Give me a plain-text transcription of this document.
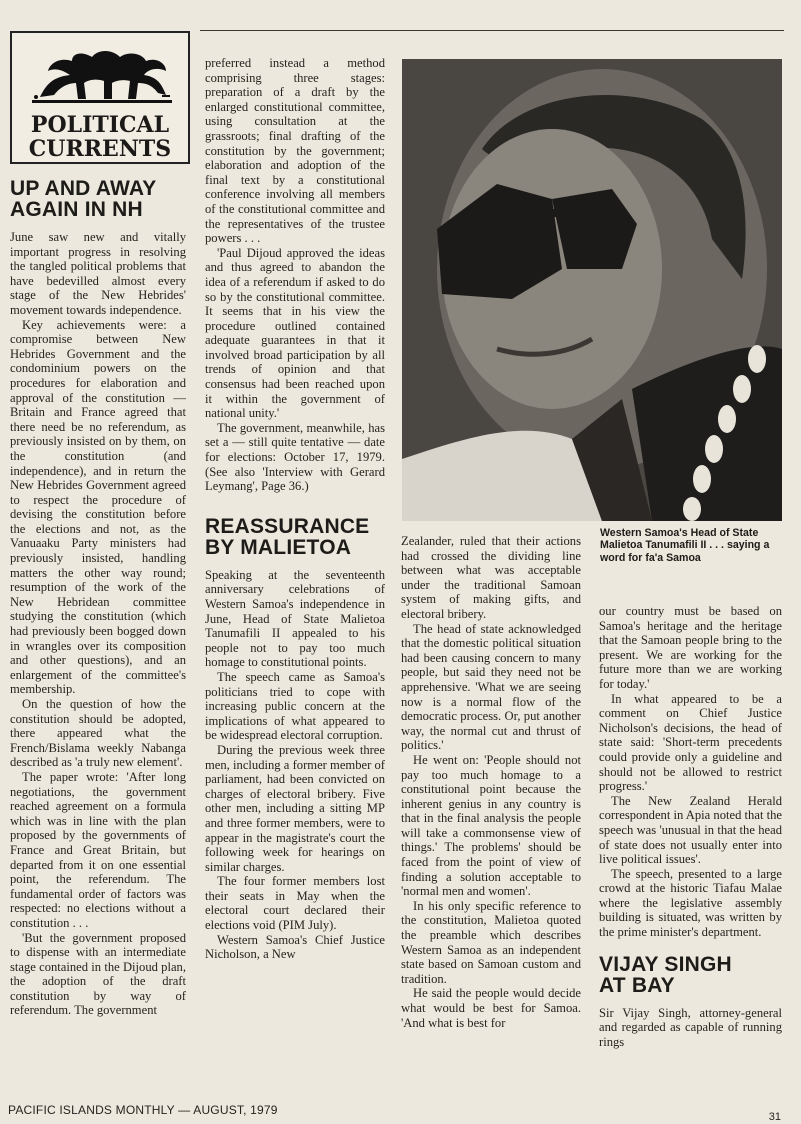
POLITICAL
CURRENTS
UP AND AWAY
AGAIN IN NH

June saw new and vitally important progress in resolving the tangled political problems that have bedevilled almost every stage of the New Hebrides' movement towards independence.

Key achievements were: a compromise between New Hebrides Government and the condominium powers on the procedures for elaboration and approval of the constitution — Britain and France agreed that there need be no referendum, as previously insisted on by them, on the constitution (and independence), and in return the New Hebrides Government agreed to respect the procedure of devising the constitution before the elections and not, as the Vanuaaku Party ministers had previously insisted, handling matters the other way round; resumption of the work of the New Hebridean committee studying the constitution (which had previously been bogged down in wrangles over its composition and other questions), and an enlargement of the committee's membership.

On the question of how the constitution should be adopted, there appeared what the French/Bislama weekly Nabanga described as 'a truly new element'.

The paper wrote: 'After long negotiations, the government reached agreement on a formula which was in line with the plan proposed by the governments of France and Great Britain, but departed from it on one essential point, the referendum. The fundamental order of factors was respected: no elections without a constitution . . .

'But the government proposed to dispense with an intermediate stage contained in the Dijoud plan, the adoption of the draft constitution by way of referendum. The government

preferred instead a method comprising three stages: preparation of a draft by the enlarged constitutional committee, using consultation at the grassroots; final drafting of the constitution by the government; elaboration and adoption of the final text by a constitutional conference involving all members of the constitutional committee and the representatives of the trustee powers . . .

'Paul Dijoud approved the ideas and thus agreed to abandon the idea of a referendum if asked to do so by the constitutional committee. It seems that in his view the procedure outlined contained adequate guarantees in that it involved broad participation by all trends of opinion and that consensus had been reached upon it within the government of national unity.'

The government, meanwhile, has set a — still quite tentative — date for elections: October 17, 1979. (See also 'Interview with Gerard Leymang', Page 36.)

REASSURANCE
BY MALIETOA

Speaking at the seventeenth anniversary celebrations of Western Samoa's independence in June, Head of State Malietoa Tanumafili II appealed to his people not to pay too much homage to constitutional points.

The speech came as Samoa's politicians tried to cope with increasing public concern at the implications of what appeared to be widespread electoral corruption.

During the previous week three men, including a former member of parliament, had been convicted on charges of electoral bribery. Five other men, including a sitting MP and three former members, were to appear in the magistrate's court the following week for hearings on similar charges.

The four former members lost their seats in May when the electoral court declared their elections void (PIM July).

Western Samoa's Chief Justice Nicholson, a New

Western Samoa's Head of State Malietoa Tanumafili II . . . saying a word for fa'a Samoa

Zealander, ruled that their actions had crossed the dividing line between what was acceptable under the traditional Samoan system of making gifts, and electoral bribery.

The head of state acknowledged that the domestic political situation had been causing concern to many people, but said they need not be apprehensive. 'What we are seeing now is a normal flow of the democratic process. Or, put another way, the normal cut and thrust of politics.'

He went on: 'People should not pay too much homage to a constitutional point because the inherent genius in any country is that in the final analysis the people will take a commonsense view of things.' The problems' should be faced from the point of view of finding a solution acceptable to 'normal men and women'.

In his only specific reference to the constitution, Malietoa quoted the preamble which describes Western Samoa as an independent state based on Samoan custom and tradition.

He said the people would decide what would be best for Samoa. 'And what is best for

our country must be based on Samoa's heritage and the heritage that the Samoan people bring to the present. We are working for the future more than we are working for today.'

In what appeared to be a comment on Chief Justice Nicholson's decisions, the head of state said: 'Short-term precedents could provide only a guideline and should not be allowed to restrict progress.'

The New Zealand Herald correspondent in Apia noted that the speech was 'unusual in that the head of state does not usually enter into live political issues'.

The speech, presented to a large crowd at the historic Tiafau Malae where the legislative assembly building is situated, was written by the prime minister's department.

VIJAY SINGH
AT BAY

Sir Vijay Singh, attorney-general and regarded as capable of running rings

PACIFIC ISLANDS MONTHLY — AUGUST, 1979	31
